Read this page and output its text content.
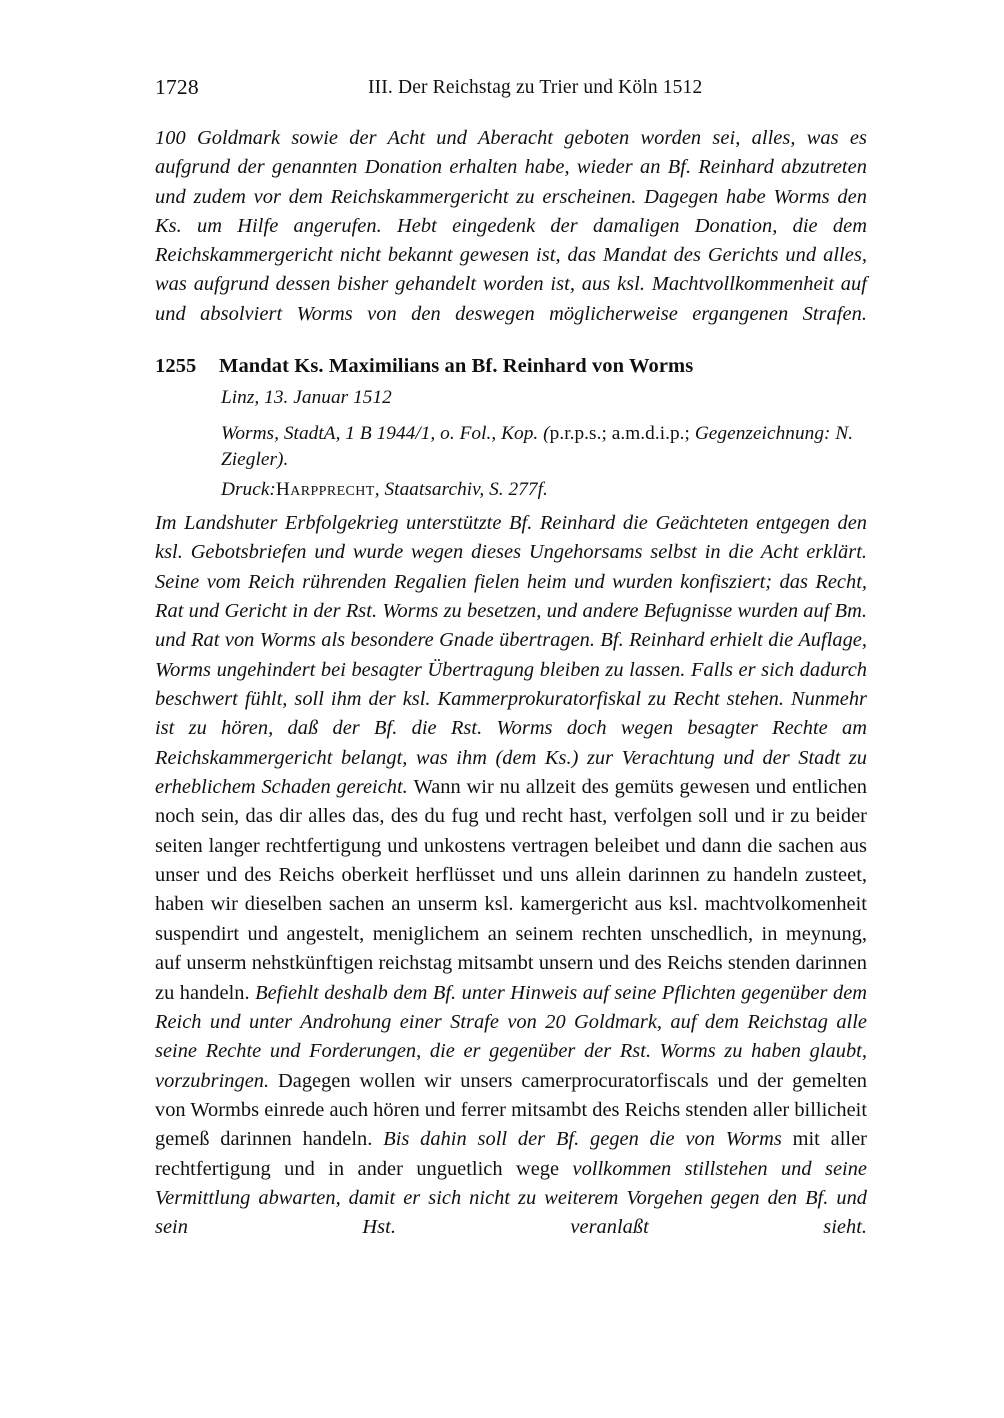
1728	III. Der Reichstag zu Trier und Köln 1512
100 Goldmark sowie der Acht und Aberacht geboten worden sei, alles, was es aufgrund der genannten Donation erhalten habe, wieder an Bf. Reinhard abzutreten und zudem vor dem Reichskammergericht zu erscheinen. Dagegen habe Worms den Ks. um Hilfe angerufen. Hebt eingedenk der damaligen Donation, die dem Reichskammergericht nicht bekannt gewesen ist, das Mandat des Gerichts und alles, was aufgrund dessen bisher gehandelt worden ist, aus ksl. Machtvollkommenheit auf und absolviert Worms von den deswegen möglicherweise ergangenen Strafen.
1255 Mandat Ks. Maximilians an Bf. Reinhard von Worms
Linz, 13. Januar 1512
Worms, StadtA, 1 B 1944/1, o. Fol., Kop. (p.r.p.s.; a.m.d.i.p.; Gegenzeichnung: N. Ziegler).
Druck:Harpprecht, Staatsarchiv, S. 277f.
Im Landshuter Erbfolgekrieg unterstützte Bf. Reinhard die Geächteten entgegen den ksl. Gebotsbriefen und wurde wegen dieses Ungehorsams selbst in die Acht erklärt. Seine vom Reich rührenden Regalien fielen heim und wurden konfisziert; das Recht, Rat und Gericht in der Rst. Worms zu besetzen, und andere Befugnisse wurden auf Bm. und Rat von Worms als besondere Gnade übertragen. Bf. Reinhard erhielt die Auflage, Worms ungehindert bei besagter Übertragung bleiben zu lassen. Falls er sich dadurch beschwert fühlt, soll ihm der ksl. Kammerprokuratorfiskal zu Recht stehen. Nunmehr ist zu hören, daß der Bf. die Rst. Worms doch wegen besagter Rechte am Reichskammergericht belangt, was ihm (dem Ks.) zur Verachtung und der Stadt zu erheblichem Schaden gereicht. Wann wir nu allzeit des gemüts gewesen und entlichen noch sein, das dir alles das, des du fug und recht hast, verfolgen soll und ir zu beider seiten langer rechtfertigung und unkostens vertragen beleibet und dann die sachen aus unser und des Reichs oberkeit herflüsset und uns allein darinnen zu handeln zusteet, haben wir dieselben sachen an unserm ksl. kamergericht aus ksl. machtvolkomenheit suspendirt und angestelt, meniglichem an seinem rechten unschedlich, in meynung, auf unserm nehstkünftigen reichstag mitsambt unsern und des Reichs stenden darinnen zu handeln. Befiehlt deshalb dem Bf. unter Hinweis auf seine Pflichten gegenüber dem Reich und unter Androhung einer Strafe von 20 Goldmark, auf dem Reichstag alle seine Rechte und Forderungen, die er gegenüber der Rst. Worms zu haben glaubt, vorzubringen. Dagegen wollen wir unsers camerprocuratorfiscals und der gemelten von Wormbs einrede auch hören und ferrer mitsambt des Reichs stenden aller billicheit gemeß darinnen handeln. Bis dahin soll der Bf. gegen die von Worms mit aller rechtfertigung und in ander unguetlich wege vollkommen stillstehen und seine Vermittlung abwarten, damit er sich nicht zu weiterem Vorgehen gegen den Bf. und sein Hst. veranlaßt sieht.
